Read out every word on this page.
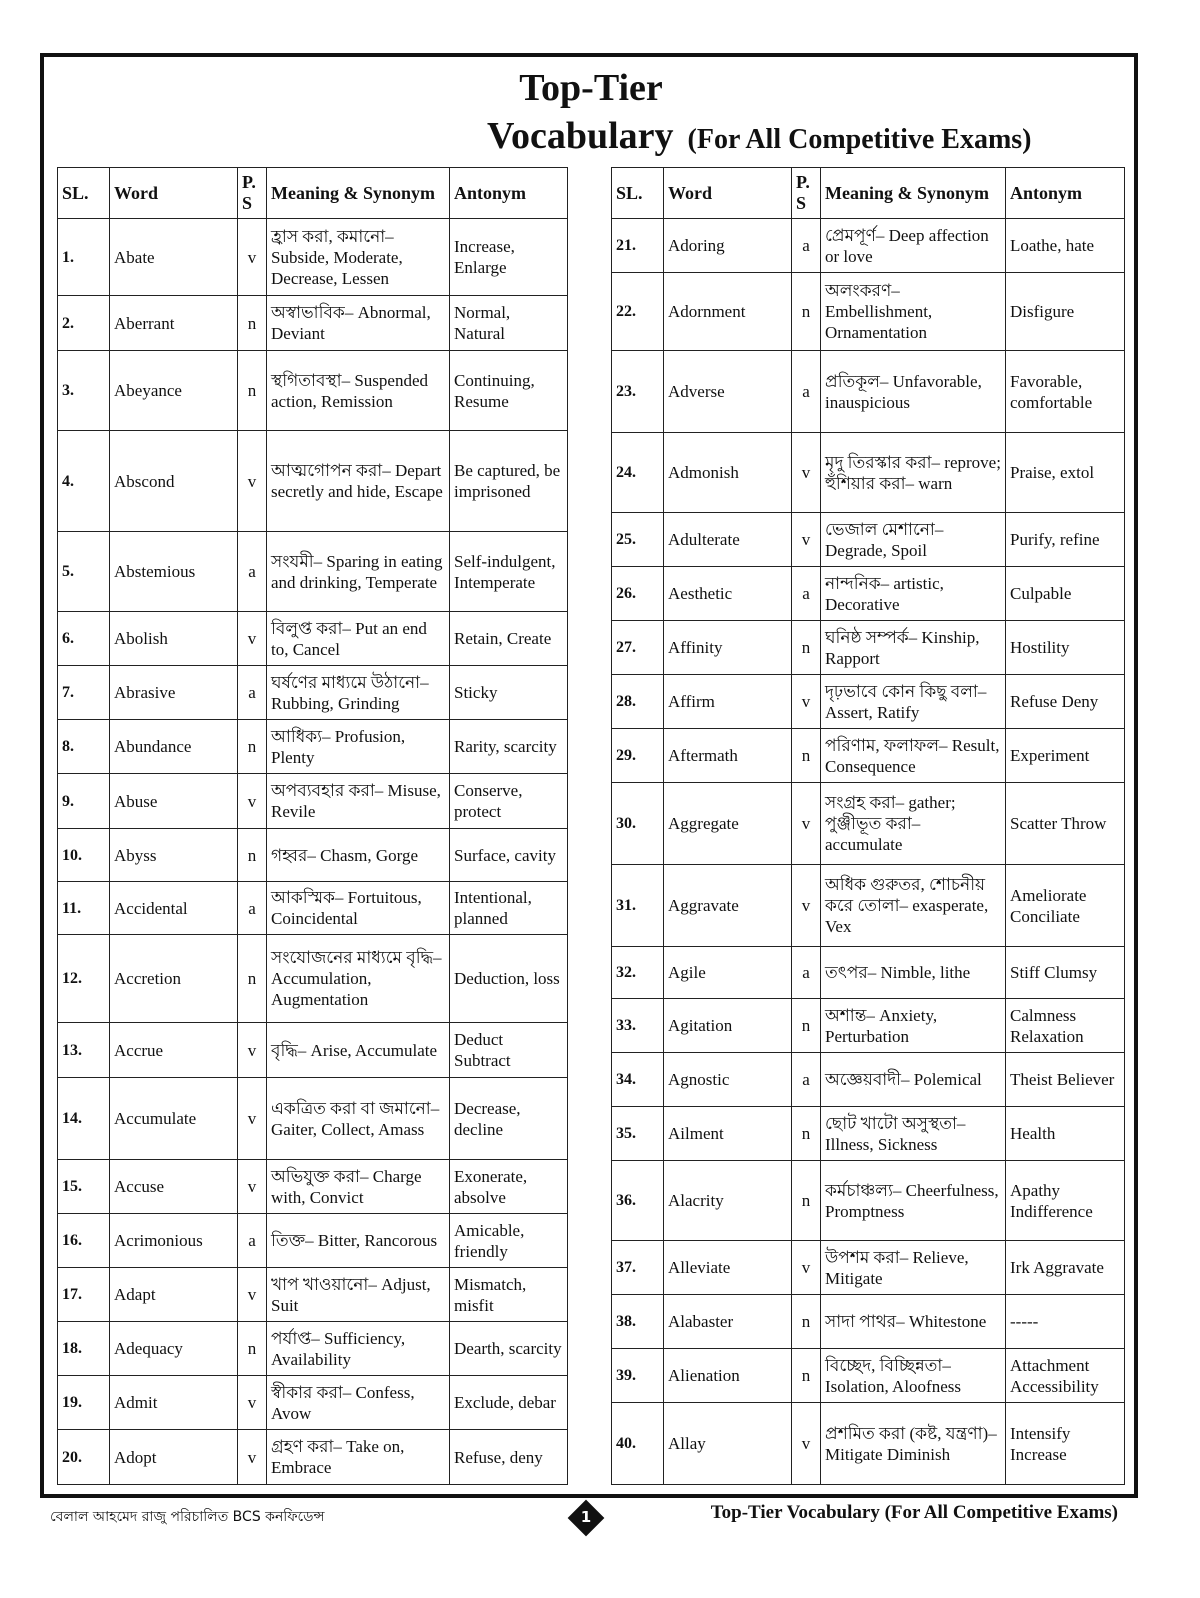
Top-Tier
Vocabulary (For All Competitive Exams)
SL.	Word	P. S	Meaning & Synonym	Antonym
1.	Abate	v	হ্রাস করা, কমানো– Subside, Moderate, Decrease, Lessen	Increase, Enlarge
2.	Aberrant	n	অস্বাভাবিক– Abnormal, Deviant	Normal, Natural
3.	Abeyance	n	স্থগিতাবস্থা– Suspended action, Remission	Continuing, Resume
4.	Abscond	v	আত্মগোপন করা– Depart secretly and hide, Escape	Be captured, be imprisoned
5.	Abstemious	a	সংযমী– Sparing in eating and drinking, Temperate	Self-indulgent, Intemperate
6.	Abolish	v	বিলুপ্ত করা– Put an end to, Cancel	Retain, Create
7.	Abrasive	a	ঘর্ষণের মাধ্যমে উঠানো– Rubbing, Grinding	Sticky
8.	Abundance	n	আধিক্য– Profusion, Plenty	Rarity, scarcity
9.	Abuse	v	অপব্যবহার করা– Misuse, Revile	Conserve, protect
10.	Abyss	n	গহ্বর– Chasm, Gorge	Surface, cavity
11.	Accidental	a	আকস্মিক– Fortuitous, Coincidental	Intentional, planned
12.	Accretion	n	সংযোজনের মাধ্যমে বৃদ্ধি– Accumulation, Augmentation	Deduction, loss
13.	Accrue	v	বৃদ্ধি– Arise, Accumulate	Deduct Subtract
14.	Accumulate	v	একত্রিত করা বা জমানো– Gaiter, Collect, Amass	Decrease, decline
15.	Accuse	v	অভিযুক্ত করা– Charge with, Convict	Exonerate, absolve
16.	Acrimonious	a	তিক্ত– Bitter, Rancorous	Amicable, friendly
17.	Adapt	v	খাপ খাওয়ানো– Adjust, Suit	Mismatch, misfit
18.	Adequacy	n	পর্যাপ্ত– Sufficiency, Availability	Dearth, scarcity
19.	Admit	v	স্বীকার করা– Confess, Avow	Exclude, debar
20.	Adopt	v	গ্রহণ করা– Take on, Embrace	Refuse, deny
SL.	Word	P. S	Meaning & Synonym	Antonym
21.	Adoring	a	প্রেমপূর্ণ– Deep affection or love	Loathe, hate
22.	Adornment	n	অলংকরণ– Embellishment, Ornamentation	Disfigure
23.	Adverse	a	প্রতিকূল– Unfavorable, inauspicious	Favorable, comfortable
24.	Admonish	v	মৃদু তিরস্কার করা– reprove; হুঁশিয়ার করা– warn	Praise, extol
25.	Adulterate	v	ভেজাল মেশানো– Degrade, Spoil	Purify, refine
26.	Aesthetic	a	নান্দনিক– artistic, Decorative	Culpable
27.	Affinity	n	ঘনিষ্ঠ সম্পর্ক– Kinship, Rapport	Hostility
28.	Affirm	v	দৃঢ়ভাবে কোন কিছু বলা– Assert, Ratify	Refuse Deny
29.	Aftermath	n	পরিণাম, ফলাফল– Result, Consequence	Experiment
30.	Aggregate	v	সংগ্রহ করা– gather; পুঞ্জীভূত করা– accumulate	Scatter Throw
31.	Aggravate	v	অধিক গুরুতর, শোচনীয় করে তোলা– exasperate, Vex	Ameliorate Conciliate
32.	Agile	a	তৎপর– Nimble, lithe	Stiff Clumsy
33.	Agitation	n	অশান্ত– Anxiety, Perturbation	Calmness Relaxation
34.	Agnostic	a	অজ্ঞেয়বাদী– Polemical	Theist Believer
35.	Ailment	n	ছোট খাটো অসুস্থতা– Illness, Sickness	Health
36.	Alacrity	n	কর্মচাঞ্চল্য– Cheerfulness, Promptness	Apathy Indifference
37.	Alleviate	v	উপশম করা– Relieve, Mitigate	Irk Aggravate
38.	Alabaster	n	সাদা পাথর– Whitestone	-----
39.	Alienation	n	বিচ্ছেদ, বিচ্ছিন্নতা– Isolation, Aloofness	Attachment Accessibility
40.	Allay	v	প্রশমিত করা (কষ্ট, যন্ত্রণা)– Mitigate Diminish	Intensify Increase
বেলাল আহমেদ রাজু পরিচালিত BCS কনফিডেন্স	1	Top-Tier Vocabulary (For All Competitive Exams)
